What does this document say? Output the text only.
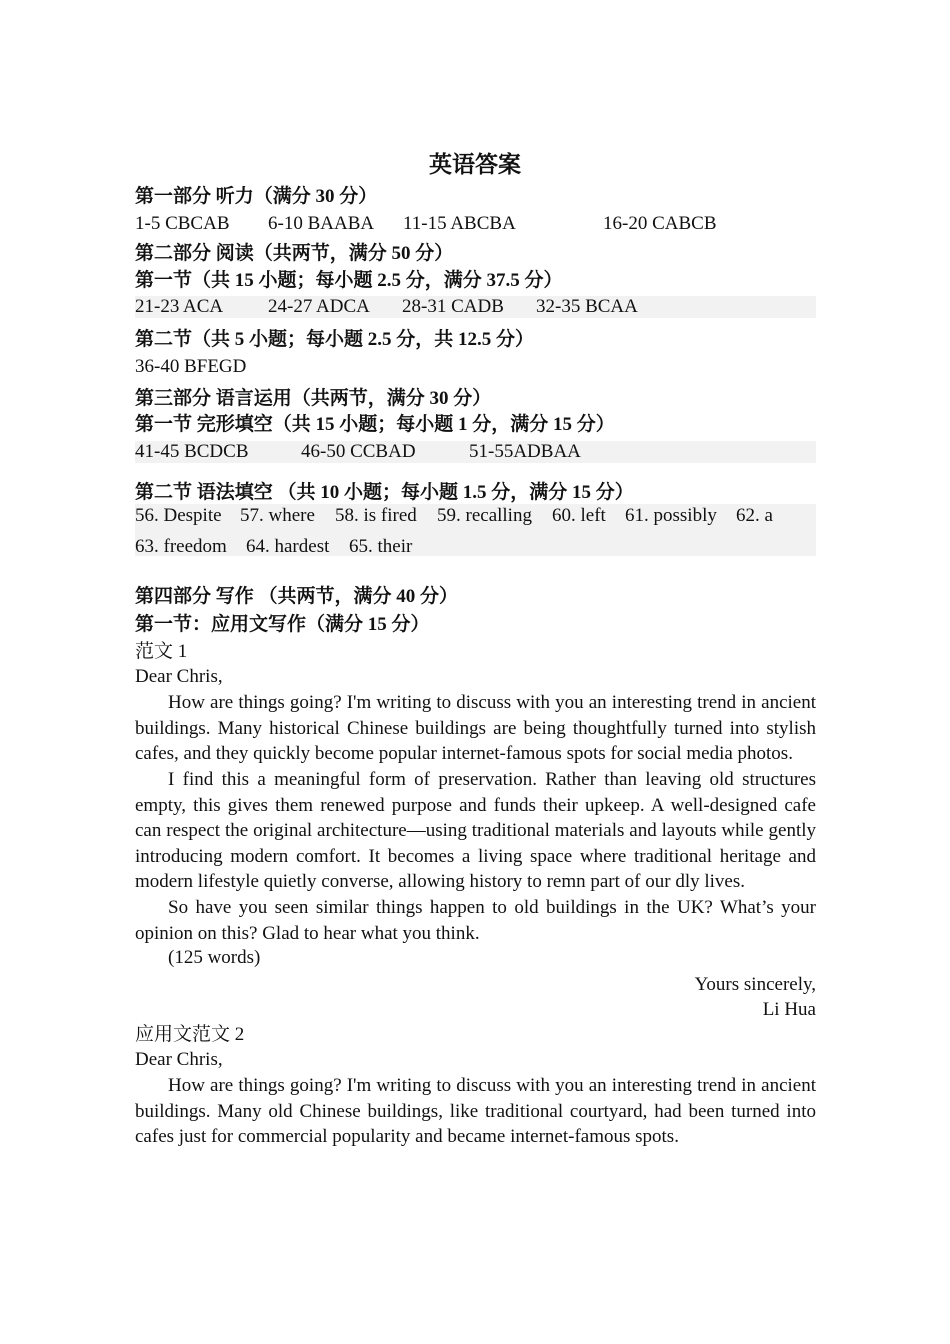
英语答案
第一部分 听力（满分 30 分）
1-5 CBCAB 6-10 BAABA 11-15 ABCBA	16-20 CABCB
第二部分 阅读（共两节，满分 50 分）
第一节（共 15 小题；每小题 2.5 分，满分 37.5 分）
21-23 ACA 24-27 ADCA 28-31 CADB 32-35 BCAA
第二节（共 5 小题；每小题 2.5 分，共 12.5 分）
36-40 BFEGD
第三部分 语言运用（共两节，满分 30 分）
第一节 完形填空（共 15 小题；每小题 1 分，满分 15 分）
41-45 BCDCB	46-50 CCBAD	51-55ADBAA
第二节 语法填空 （共 10 小题；每小题 1.5 分，满分 15 分）
56. Despite 57. where 58. is fired 59. recalling 60. left 61. possibly 62. a
63. freedom 64. hardest 65. their
第四部分 写作 （共两节，满分 40 分）
第一节：应用文写作（满分 15 分）
范文 1
Dear Chris,
How are things going? I'm writing to discuss with you an interesting trend in ancient buildings. Many historical Chinese buildings are being thoughtfully turned into stylish cafes, and they quickly become popular internet-famous spots for social media photos.
I find this a meaningful form of preservation. Rather than leaving old structures empty, this gives them renewed purpose and funds their upkeep. A well-designed cafe can respect the original architecture—using traditional materials and layouts while gently introducing modern comfort. It becomes a living space where traditional heritage and modern lifestyle quietly converse, allowing history to remn part of our dly lives.
So have you seen similar things happen to old buildings in the UK? What’s your opinion on this? Glad to hear what you think.
(125 words)
Yours sincerely,
Li Hua
应用文范文 2
Dear Chris,
How are things going? I'm writing to discuss with you an interesting trend in ancient buildings. Many old Chinese buildings, like traditional courtyard, had been turned into cafes just for commercial popularity and became internet-famous spots.
